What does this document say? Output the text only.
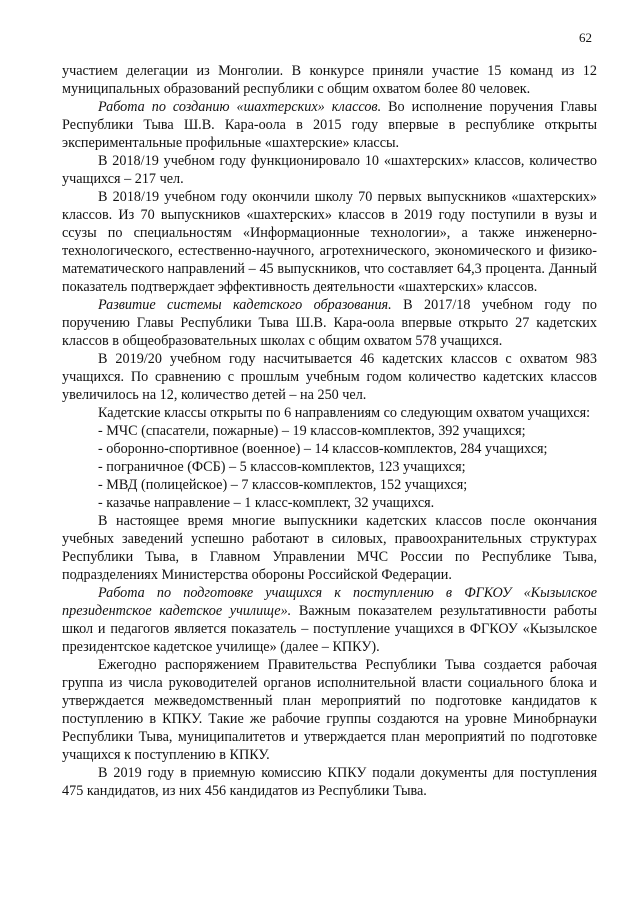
62

участием делегации из Монголии. В конкурсе приняли участие 15 команд из 12 муниципальных образований республики с общим охватом более 80 человек.

Работа по созданию «шахтерских» классов. Во исполнение поручения Главы Республики Тыва Ш.В. Кара-оола в 2015 году впервые в республике открыты экспериментальные профильные «шахтерские» классы.

В 2018/19 учебном году функционировало 10 «шахтерских» классов, количество учащихся – 217 чел.

В 2018/19 учебном году окончили школу 70 первых выпускников «шахтерских» классов. Из 70 выпускников «шахтерских» классов в 2019 году поступили в вузы и ссузы по специальностям «Информационные технологии», а также инженерно-технологического, естественно-научного, агротехнического, экономического и физико-математического направлений – 45 выпускников, что составляет 64,3 процента. Данный показатель подтверждает эффективность деятельности «шахтерских» классов.

Развитие системы кадетского образования. В 2017/18 учебном году по поручению Главы Республики Тыва Ш.В. Кара-оола впервые открыто 27 кадетских классов в общеобразовательных школах с общим охватом 578 учащихся.

В 2019/20 учебном году насчитывается 46 кадетских классов с охватом 983 учащихся. По сравнению с прошлым учебным годом количество кадетских классов увеличилось на 12, количество детей – на 250 чел.

Кадетские классы открыты по 6 направлениям со следующим охватом учащихся:

- МЧС (спасатели, пожарные) – 19 классов-комплектов, 392 учащихся;

- оборонно-спортивное (военное) – 14 классов-комплектов, 284 учащихся;

- пограничное (ФСБ) – 5 классов-комплектов, 123 учащихся;

- МВД (полицейское) – 7 классов-комплектов, 152 учащихся;

- казачье направление – 1 класс-комплект, 32 учащихся.

В настоящее время многие выпускники кадетских классов после окончания учебных заведений успешно работают в силовых, правоохранительных структурах Республики Тыва, в Главном Управлении МЧС России по Республике Тыва, подразделениях Министерства обороны Российской Федерации.

Работа по подготовке учащихся к поступлению в ФГКОУ «Кызылское президентское кадетское училище». Важным показателем результативности работы школ и педагогов является показатель – поступление учащихся в ФГКОУ «Кызылское президентское кадетское училище» (далее – КПКУ).

Ежегодно распоряжением Правительства Республики Тыва создается рабочая группа из числа руководителей органов исполнительной власти социального блока и утверждается межведомственный план мероприятий по подготовке кандидатов к поступлению в КПКУ. Такие же рабочие группы создаются на уровне Минобрнауки Республики Тыва, муниципалитетов и утверждается план мероприятий по подготовке учащихся к поступлению в КПКУ.

В 2019 году в приемную комиссию КПКУ подали документы для поступления 475 кандидатов, из них 456 кандидатов из Республики Тыва.
